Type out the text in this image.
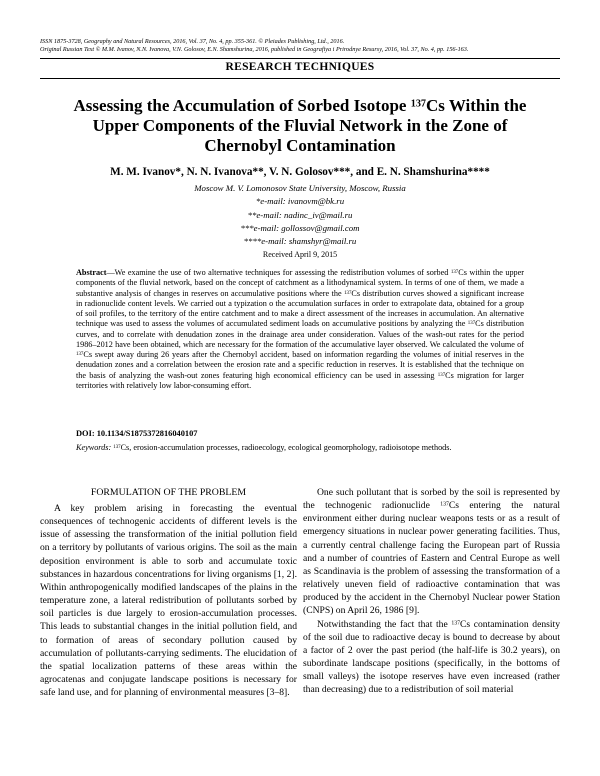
ISSN 1875-3728, Geography and Natural Resources, 2016, Vol. 37, No. 4, pp. 355-361. © Pleiades Publishing, Ltd., 2016.
Original Russian Text © M.M. Ivanov, N.N. Ivanova, V.N. Golosov, E.N. Shamshurina, 2016, published in Geografiya i Prirodnye Resursy, 2016, Vol. 37, No. 4, pp. 156-163.
RESEARCH TECHNIQUES
Assessing the Accumulation of Sorbed Isotope $^{137}$Cs Within the Upper Components of the Fluvial Network in the Zone of Chernobyl Contamination
M. M. Ivanov*, N. N. Ivanova**, V. N. Golosov***, and E. N. Shamshurina****
Moscow M. V. Lomonosov State University, Moscow, Russia
*e-mail: ivanovm@bk.ru
**e-mail: nadinc_iv@mail.ru
***e-mail: gollossov@gmail.com
****e-mail: shamshyr@mail.ru
Received April 9, 2015
Abstract—We examine the use of two alternative techniques for assessing the redistribution volumes of sorbed $^{137}$Cs within the upper components of the fluvial network, based on the concept of catchment as a lithodynamical system. In terms of one of them, we made a substantive analysis of changes in reserves on accumulative positions where the $^{137}$Cs distribution curves showed a significant increase in radionuclide content levels. We carried out a typization o the accumulation surfaces in order to extrapolate data, obtained for a group of soil profiles, to the territory of the entire catchment and to make a direct assessment of the increases in accumulation. An alternative technique was used to assess the volumes of accumulated sediment loads on accumulative positions by analyzing the $^{137}$Cs distribution curves, and to correlate with denudation zones in the drainage area under consideration. Values of the wash-out rates for the period 1986–2012 have been obtained, which are necessary for the formation of the accumulative layer observed. We calculated the volume of $^{137}$Cs swept away during 26 years after the Chernobyl accident, based on information regarding the volumes of initial reserves in the denudation zones and a correlation between the erosion rate and a specific reduction in reserves. It is established that the technique on the basis of analyzing the wash-out zones featuring high economical efficiency can be used in assessing $^{137}$Cs migration for larger territories with relatively low labor-consuming effort.
DOI: 10.1134/S1875372816040107
Keywords: $^{137}$Cs, erosion-accumulation processes, radioecology, ecological geomorphology, radioisotope methods.
FORMULATION OF THE PROBLEM

A key problem arising in forecasting the eventual consequences of technogenic accidents of different levels is the issue of assessing the transformation of the initial pollution field on a territory by pollutants of various origins. The soil as the main deposition environment is able to sorb and accumulate toxic substances in hazardous concentrations for living organisms [1, 2]. Within anthropogenically modified landscapes of the plains in the temperature zone, a lateral redistribution of pollutants sorbed by soil particles is due largely to erosion-accumulation processes. This leads to substantial changes in the initial pollution field, and to formation of areas of secondary pollution caused by accumulation of pollutants-carrying sediments. The elucidation of the spatial localization patterns of these areas within the agrocatenas and conjugate landscape positions is necessary for safe land use, and for planning of environmental measures [3–8].

One such pollutant that is sorbed by the soil is represented by the technogenic radionuclide $^{137}$Cs entering the natural environment either during nuclear weapons tests or as a result of emergency situations in nuclear power generating facilities. Thus, a currently central challenge facing the European part of Russia and a number of countries of Eastern and Central Europe as well as Scandinavia is the problem of assessing the transformation of a relatively uneven field of radioactive contamination that was produced by the accident in the Chernobyl Nuclear power Station (CNPS) on April 26, 1986 [9].

Notwithstanding the fact that the $^{137}$Cs contamination density of the soil due to radioactive decay is bound to decrease by about a factor of 2 over the past period (the half-life is 30.2 years), on subordinate landscape positions (specifically, in the bottoms of small valleys) the isotope reserves have even increased (rather than decreasing) due to a redistribution of soil material
